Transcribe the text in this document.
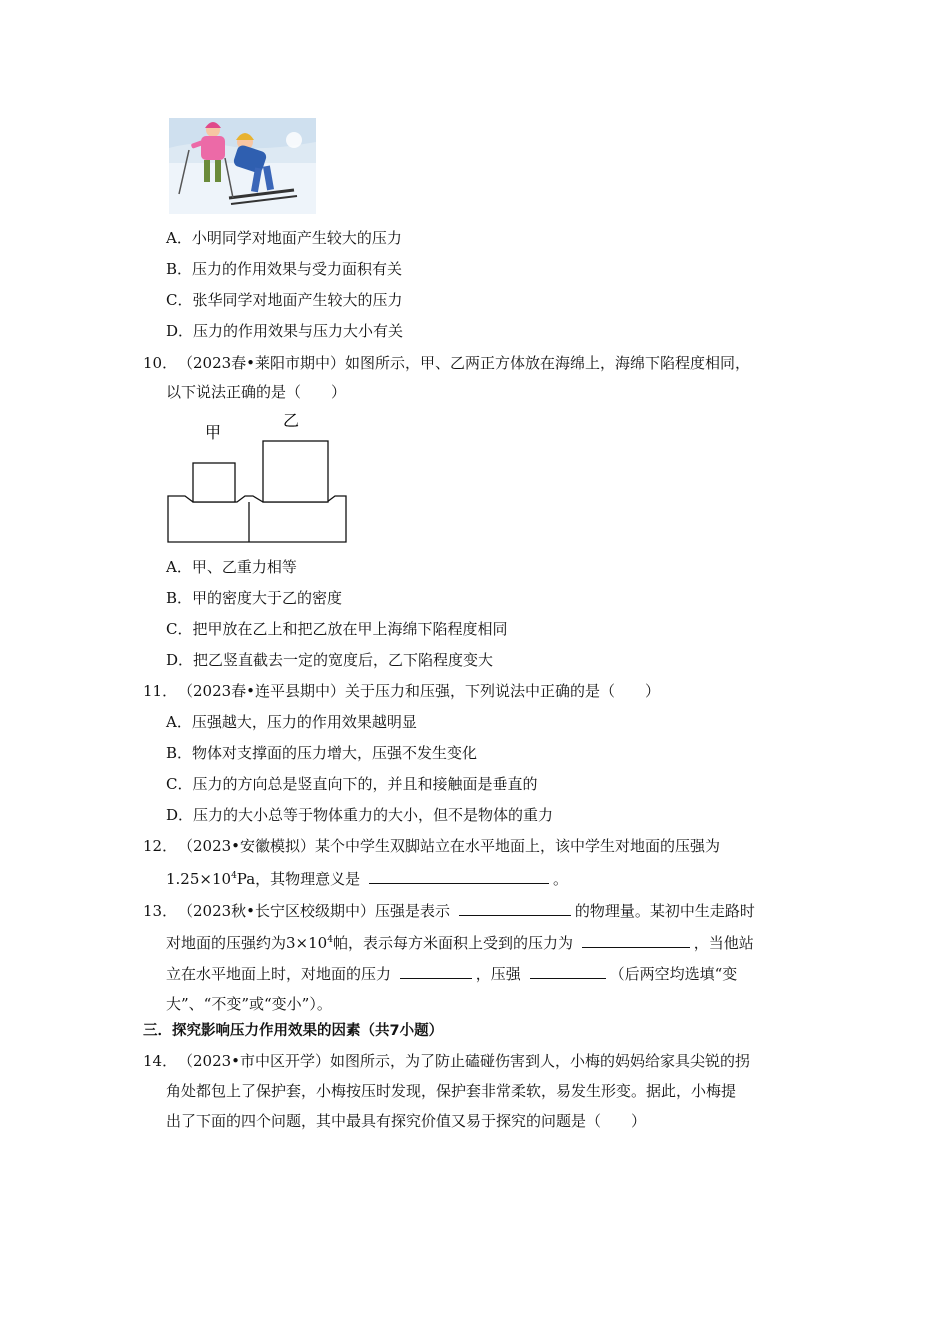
A．小明同学对地面产生较大的压力
B．压力的作用效果与受力面积有关
C．张华同学对地面产生较大的压力
D．压力的作用效果与压力大小有关
10． （2023春•莱阳市期中）如图所示，甲、乙两正方体放在海绵上，海绵下陷程度相同，
以下说法正确的是（　　）
甲
乙
A．甲、乙重力相等
B．甲的密度大于乙的密度
C．把甲放在乙上和把乙放在甲上海绵下陷程度相同
D．把乙竖直截去一定的宽度后，乙下陷程度变大
11． （2023春•连平县期中）关于压力和压强，下列说法中正确的是（　　）
A．压强越大，压力的作用效果越明显
B．物体对支撑面的压力增大，压强不发生变化
C．压力的方向总是竖直向下的，并且和接触面是垂直的
D．压力的大小总等于物体重力的大小，但不是物体的重力
12． （2023•安徽模拟）某个中学生双脚站立在水平地面上，该中学生对地面的压强为
$1.25\times 10^4Pa$，其物理意义是	。
13． （2023秋•长宁区校级期中）压强是表示	的物理量。某初中生走路时
对地面的压强约为$3\times 10^4$帕，表示每方米面积上受到的压力为	，当他站
立在水平地面上时，对地面的压力	，压强	（后两空均选填“变
大”、“不变”或“变小”）。
三．探究影响压力作用效果的因素（共7小题）
14． （2023•市中区开学）如图所示，为了防止磕碰伤害到人，小梅的妈妈给家具尖锐的拐
角处都包上了保护套，小梅按压时发现，保护套非常柔软，易发生形变。据此，小梅提
出了下面的四个问题，其中最具有探究价值又易于探究的问题是（　　）
